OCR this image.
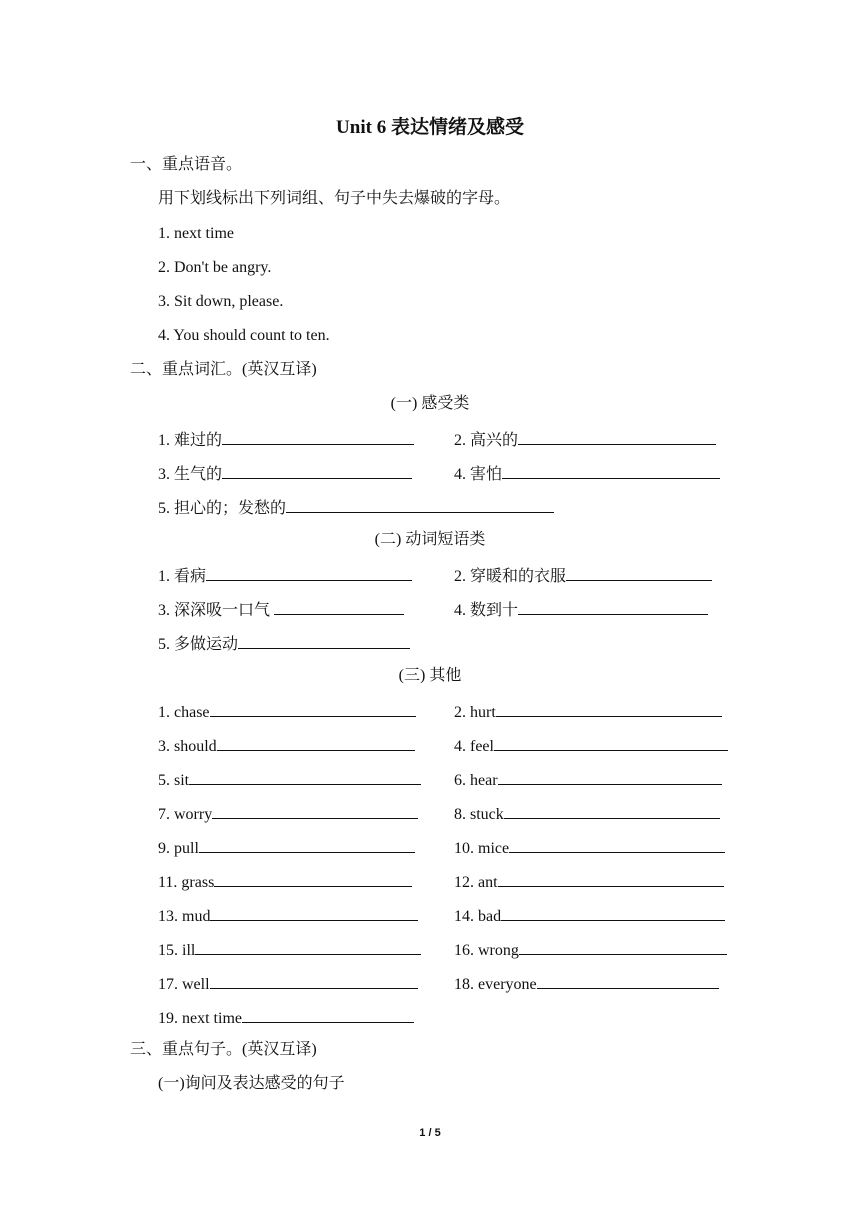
Unit 6 表达情绪及感受
一、重点语音。
用下划线标出下列词组、句子中失去爆破的字母。
1. next time
2. Don't be angry.
3. Sit down, please.
4. You should count to ten.
二、重点词汇。(英汉互译)
(一) 感受类
1. 难过的	2. 高兴的
3. 生气的	4. 害怕
5. 担心的；发愁的
(二) 动词短语类
1. 看病	2. 穿暖和的衣服
3. 深深吸一口气	4. 数到十
5. 多做运动
(三) 其他
1. chase	2. hurt
3. should	4. feel
5. sit	6. hear
7. worry	8. stuck
9. pull	10. mice
11. grass	12. ant
13. mud	14. bad
15. ill	16. wrong
17. well	18. everyone
19. next time
三、重点句子。(英汉互译)
(一)询问及表达感受的句子
1 / 5
